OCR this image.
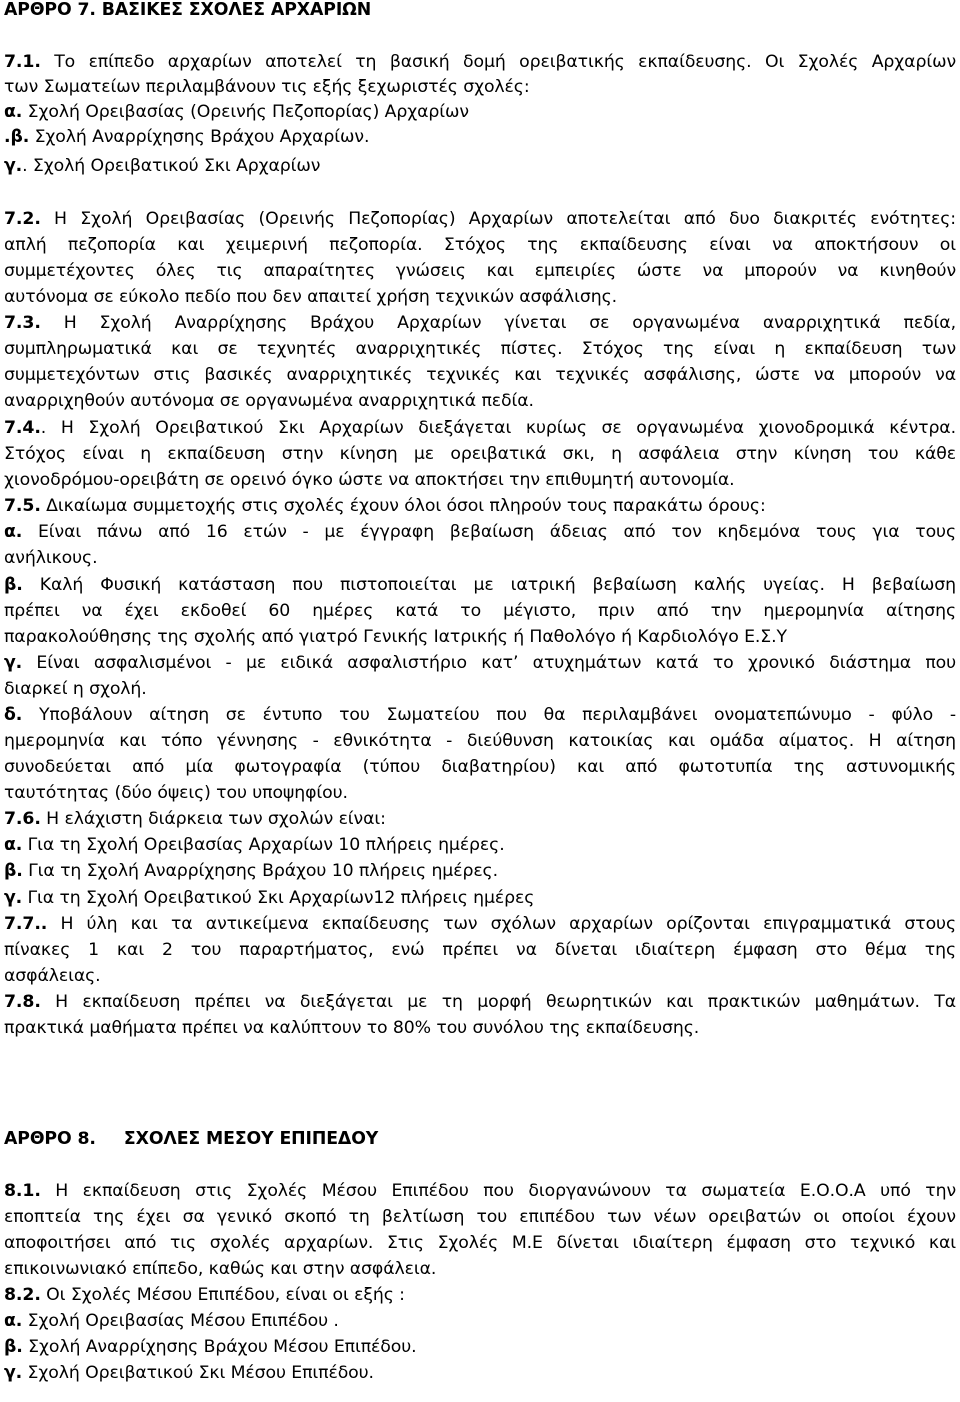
ΑΡΘΡΟ 7. ΒΑΣΙΚΕΣ ΣΧΟΛΕΣ ΑΡΧΑΡΙΩΝ
7.1. Το επίπεδο αρχαρίων αποτελεί τη βασική δομή ορειβατικής εκπαίδευσης. Οι Σχολές Αρχαρίων
των Σωματείων περιλαμβάνουν τις εξής ξεχωριστές σχολές:
α. Σχολή Ορειβασίας (Ορεινής Πεζοπορίας) Αρχαρίων
.β. Σχολή Αναρρίχησης Βράχου Αρχαρίων.
γ.. Σχολή Ορειβατικού Σκι Αρχαρίων
7.2. Η Σχολή Ορειβασίας (Ορεινής Πεζοπορίας) Αρχαρίων αποτελείται από δυο διακριτές ενότητες:
απλή πεζοπορία και χειμερινή πεζοπορία. Στόχος της εκπαίδευσης είναι να αποκτήσουν οι
συμμετέχοντες όλες τις απαραίτητες γνώσεις και εμπειρίες ώστε να μπορούν να κινηθούν
αυτόνομα σε εύκολο πεδίο που δεν απαιτεί χρήση τεχνικών ασφάλισης.
7.3. Η Σχολή Αναρρίχησης Βράχου Αρχαρίων γίνεται σε οργανωμένα αναρριχητικά πεδία,
συμπληρωματικά και σε τεχνητές αναρριχητικές πίστες. Στόχος της είναι η εκπαίδευση των
συμμετεχόντων στις βασικές αναρριχητικές τεχνικές και τεχνικές ασφάλισης, ώστε να μπορούν να
αναρριχηθούν αυτόνομα σε οργανωμένα αναρριχητικά πεδία.
7.4.. Η Σχολή Ορειβατικού Σκι Αρχαρίων διεξάγεται κυρίως σε οργανωμένα χιονοδρομικά κέντρα.
Στόχος είναι η εκπαίδευση στην κίνηση με ορειβατικά σκι, η ασφάλεια στην κίνηση του κάθε
χιονοδρόμου-ορειβάτη σε ορεινό όγκο ώστε να αποκτήσει την επιθυμητή αυτονομία.
7.5. Δικαίωμα συμμετοχής στις σχολές έχουν όλοι όσοι πληρούν τους παρακάτω όρους:
α. Είναι πάνω από 16 ετών - με έγγραφη βεβαίωση άδειας από τον κηδεμόνα τους για τους
ανήλικους.
β. Καλή Φυσική κατάσταση που πιστοποιείται με ιατρική βεβαίωση καλής υγείας. Η βεβαίωση
πρέπει να έχει εκδοθεί 60 ημέρες κατά το μέγιστο, πριν από την ημερομηνία αίτησης
παρακολούθησης της σχολής από γιατρό Γενικής Ιατρικής ή Παθολόγο ή Καρδιολόγο Ε.Σ.Υ
γ. Είναι ασφαλισμένοι - με ειδικά ασφαλιστήριο κατ’ ατυχημάτων κατά το χρονικό διάστημα που
διαρκεί η σχολή.
δ. Υποβάλουν αίτηση σε έντυπο του Σωματείου που θα περιλαμβάνει ονοματεπώνυμο - φύλο -
ημερομηνία και τόπο γέννησης - εθνικότητα - διεύθυνση κατοικίας και ομάδα αίματος. Η αίτηση
συνοδεύεται από μία φωτογραφία (τύπου διαβατηρίου) και από φωτοτυπία της αστυνομικής
ταυτότητας (δύο όψεις) του υποψηφίου.
7.6. Η ελάχιστη διάρκεια των σχολών είναι:
α. Για τη Σχολή Ορειβασίας Αρχαρίων 10 πλήρεις ημέρες.
β. Για τη Σχολή Αναρρίχησης Βράχου 10 πλήρεις ημέρες.
γ. Για τη Σχολή Ορειβατικού Σκι Αρχαρίων12 πλήρεις ημέρες
7.7.. Η ύλη και τα αντικείμενα εκπαίδευσης των σχόλων αρχαρίων ορίζονται επιγραμματικά στους
πίνακες 1 και 2 του παραρτήματος, ενώ πρέπει να δίνεται ιδιαίτερη έμφαση στο θέμα της
ασφάλειας.
7.8. Η εκπαίδευση πρέπει να διεξάγεται με τη μορφή θεωρητικών και πρακτικών μαθημάτων. Τα
πρακτικά μαθήματα πρέπει να καλύπτουν το 80% του συνόλου της εκπαίδευσης.
ΑΡΘΡΟ 8. ΣΧΟΛΕΣ ΜΕΣΟΥ ΕΠΙΠΕΔΟΥ
8.1. Η εκπαίδευση στις Σχολές Μέσου Επιπέδου που διοργανώνουν τα σωματεία Ε.Ο.Ο.Α υπό την
εποπτεία της έχει σα γενικό σκοπό τη βελτίωση του επιπέδου των νέων ορειβατών οι οποίοι έχουν
αποφοιτήσει από τις σχολές αρχαρίων. Στις Σχολές Μ.Ε δίνεται ιδιαίτερη έμφαση στο τεχνικό και
επικοινωνιακό επίπεδο, καθώς και στην ασφάλεια.
8.2. Οι Σχολές Μέσου Επιπέδου, είναι οι εξής :
α. Σχολή Ορειβασίας Μέσου Επιπέδου .
β. Σχολή Αναρρίχησης Βράχου Μέσου Επιπέδου.
γ. Σχολή Ορειβατικού Σκι Μέσου Επιπέδου.
